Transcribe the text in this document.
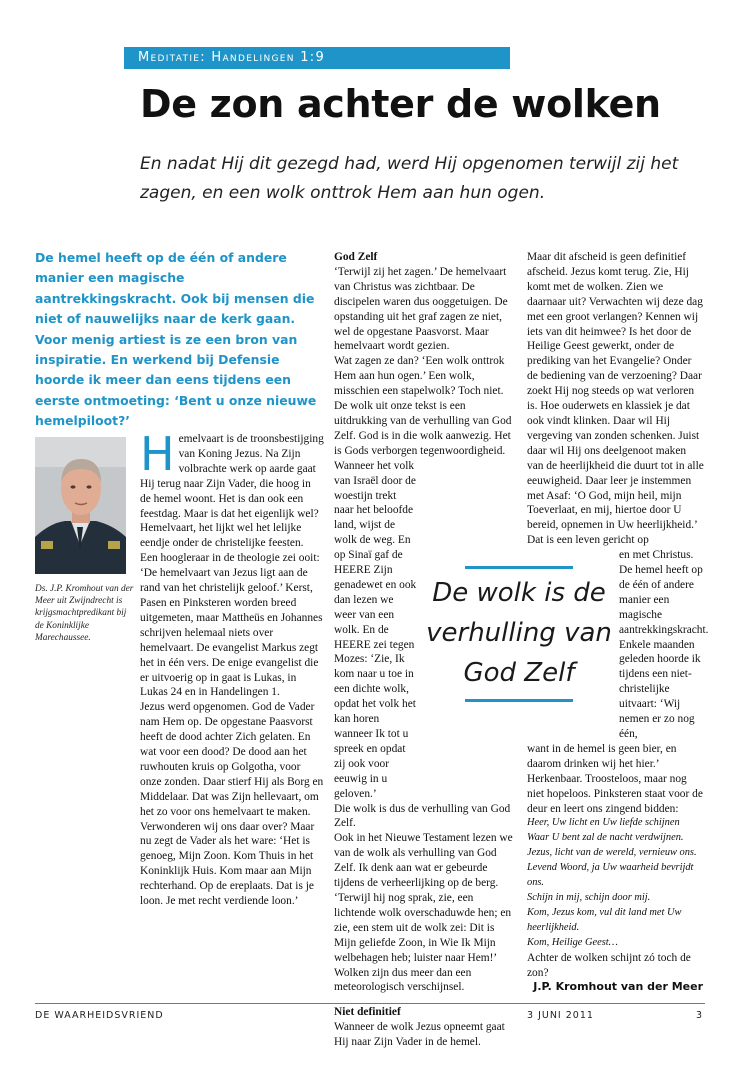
Meditatie: Handelingen 1:9
De zon achter de wolken
En nadat Hij dit gezegd had, werd Hij opgenomen terwijl zij het zagen, en een wolk onttrok Hem aan hun ogen.
De hemel heeft op de één of andere manier een magische aantrekkingskracht. Ook bij mensen die niet of nauwelijks naar de kerk gaan. Voor menig artiest is ze een bron van inspiratie. En werkend bij Defensie hoorde ik meer dan eens tijdens een eerste ontmoeting: ‘Bent u onze nieuwe hemelpiloot?’
Ds. J.P. Kromhout van der Meer uit Zwijndrecht is krijgsmachtpredikant bij de Koninklijke Marechaussee.

Hemelvaart is de troonsbestijging van Koning Jezus. Na Zijn volbrachte werk op aarde gaat Hij terug naar Zijn Vader, die hoog in de hemel woont. Het is dan ook een feestdag. Maar is dat het eigenlijk wel? Hemelvaart, het lijkt wel het lelijke eendje onder de christelijke feesten. Een hoogleraar in de theologie zei ooit: ‘De hemelvaart van Jezus ligt aan de rand van het christelijk geloof.’ Kerst, Pasen en Pinksteren worden breed uitgemeten, maar Mattheüs en Johannes schrijven helemaal niets over hemelvaart. De evangelist Markus zegt het in één vers. De enige evangelist die er uitvoerig op in gaat is Lukas, in Lukas 24 en in Handelingen 1.

Jezus werd opgenomen. God de Vader nam Hem op. De opgestane Paasvorst heeft de dood achter Zich gelaten. En wat voor een dood? De dood aan het ruwhouten kruis op Golgotha, voor onze zonden. Daar stierf Hij als Borg en Middelaar. Dat was Zijn hellevaart, om het zo voor ons hemelvaart te maken. Verwonderen wij ons daar over? Maar nu zegt de Vader als het ware: ‘Het is genoeg, Mijn Zoon. Kom Thuis in het Koninklijk Huis. Kom maar aan Mijn rechterhand. Op de ereplaats. Dat is je loon. Je met recht verdiende loon.’

God Zelf

‘Terwijl zij het zagen.’ De hemelvaart van Christus was zichtbaar. De discipelen waren dus ooggetuigen. De opstanding uit het graf zagen ze niet, wel de opgestane Paasvorst. Maar hemelvaart wordt gezien.

Wat zagen ze dan? ‘Een wolk onttrok Hem aan hun ogen.’ Een wolk, misschien een stapelwolk? Toch niet. De wolk uit onze tekst is een uitdrukking van de verhulling van God Zelf. God is in die wolk aanwezig. Het is Gods verborgen tegenwoordigheid.

Wanneer het volk van Israël door de woestijn trekt naar het beloofde land, wijst de wolk de weg. En op Sinaï gaf de HEERE Zijn genadewet en ook dan lezen we weer van een wolk. En de HEERE zei tegen Mozes: ‘Zie, Ik kom naar u toe in een dichte wolk, opdat het volk het kan horen wanneer Ik tot u spreek en opdat zij ook voor eeuwig in u geloven.’

Die wolk is dus de verhulling van God Zelf.

Ook in het Nieuwe Testament lezen we van de wolk als verhulling van God Zelf. Ik denk aan wat er gebeurde tijdens de verheerlijking op de berg. ‘Terwijl hij nog sprak, zie, een lichtende wolk overschaduwde hen; en zie, een stem uit de wolk zei: Dit is Mijn geliefde Zoon, in Wie Ik Mijn welbehagen heb; luister naar Hem!’ Wolken zijn dus meer dan een meteorologisch verschijnsel.

Niet definitief

Wanneer de wolk Jezus opneemt gaat Hij naar Zijn Vader in de hemel.

Maar dit afscheid is geen definitief afscheid. Jezus komt terug. Zie, Hij komt met de wolken. Zien we daarnaar uit? Verwachten wij deze dag met een groot verlangen? Kennen wij iets van dit heimwee? Is het door de Heilige Geest gewerkt, onder de prediking van het Evangelie? Onder de bediening van de verzoening? Daar zoekt Hij nog steeds op wat verloren is. Hoe ouderwets en klassiek je dat ook vindt klinken. Daar wil Hij vergeving van zonden schenken. Juist daar wil Hij ons deelgenoot maken van de heerlijkheid die duurt tot in alle eeuwigheid. Daar leer je instemmen met Asaf: ‘O God, mijn heil, mijn Toeverlaat, en mij, hiertoe door U bereid, opnemen in Uw heerlijkheid.’ Dat is een leven gericht op

en met Christus. De hemel heeft op de één of andere manier een magische aantrekkingskracht. Enkele maanden geleden hoorde ik tijdens een niet-christelijke uitvaart: ‘Wij nemen er zo nog één,

want in de hemel is geen bier, en daarom drinken wij het hier.’ Herkenbaar. Troosteloos, maar nog niet hopeloos. Pinksteren staat voor de deur en leert ons zingend bidden:

Heer, Uw licht en Uw liefde schijnen
Waar U bent zal de nacht verdwijnen.
Jezus, licht van de wereld, vernieuw ons.
Levend Woord, ja Uw waarheid bevrijdt ons.
Schijn in mij, schijn door mij.
Kom, Jezus kom, vul dit land met Uw heerlijkheid.
Kom, Heilige Geest…

Achter de wolken schijnt zó toch de zon?

J.P. Kromhout van der Meer
De wolk is de verhulling van God Zelf
DE WAARHEIDSVRIEND	3 JUNI 2011	3
